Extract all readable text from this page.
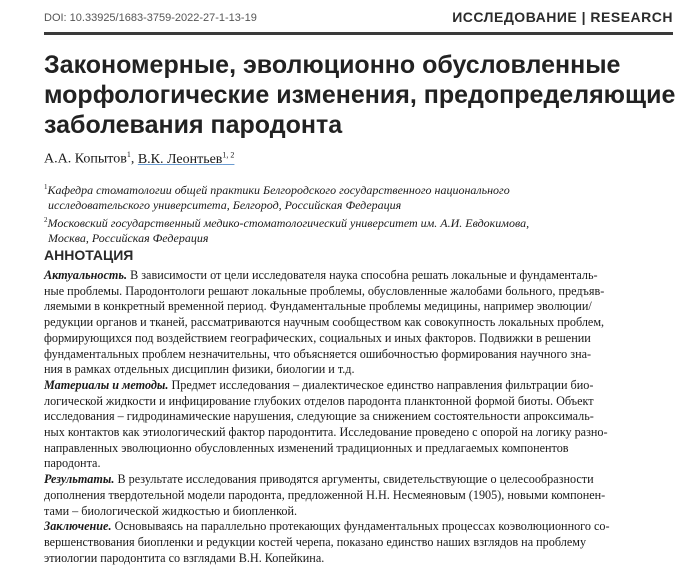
DOI: 10.33925/1683-3759-2022-27-1-13-19	ИССЛЕДОВАНИЕ | RESEARCH
Закономерные, эволюционно обусловленные
морфологические изменения, предопределяющие
заболевания пародонта
А.А. Копытов$^1$, В.К. Леонтьев$^{1, 2}$
$^1$Кафедра стоматологии общей практики Белгородского государственного национального
исследовательского университета, Белгород, Российская Федерация
$^2$Московский государственный медико-стоматологический университет им. А.И. Евдокимова,
Москва, Российская Федерация
АННОТАЦИЯ
Актуальность. В зависимости от цели исследователя наука способна решать локальные и фундаменталь-
ные проблемы. Пародонтологи решают локальные проблемы, обусловленные жалобами больного, предъяв-
ляемыми в конкретный временной период. Фундаментальные проблемы медицины, например эволюции/
редукции органов и тканей, рассматриваются научным сообществом как совокупность локальных проблем,
формирующихся под воздействием географических, социальных и иных факторов. Подвижки в решении
фундаментальных проблем незначительны, что объясняется ошибочностью формирования научного зна-
ния в рамках отдельных дисциплин физики, биологии и т.д.
Материалы и методы. Предмет исследования – диалектическое единство направления фильтрации био-
логической жидкости и инфицирование глубоких отделов пародонта планктонной формой биоты. Объект
исследования – гидродинамические нарушения, следующие за снижением состоятельности апроксималь-
ных контактов как этиологический фактор пародонтита. Исследование проведено с опорой на логику разно-
направленных эволюционно обусловленных изменений традиционных и предлагаемых компонентов
пародонта.
Результаты. В результате исследования приводятся аргументы, свидетельствующие о целесообразности
дополнения твердотельной модели пародонта, предложенной Н.Н. Несмеяновым (1905), новыми компонен-
тами – биологической жидкостью и биопленкой.
Заключение. Основываясь на параллельно протекающих фундаментальных процессах коэволюционного со-
вершенствования биопленки и редукции костей черепа, показано единство наших взглядов на проблему
этиологии пародонтита со взглядами В.Н. Копейкина.
